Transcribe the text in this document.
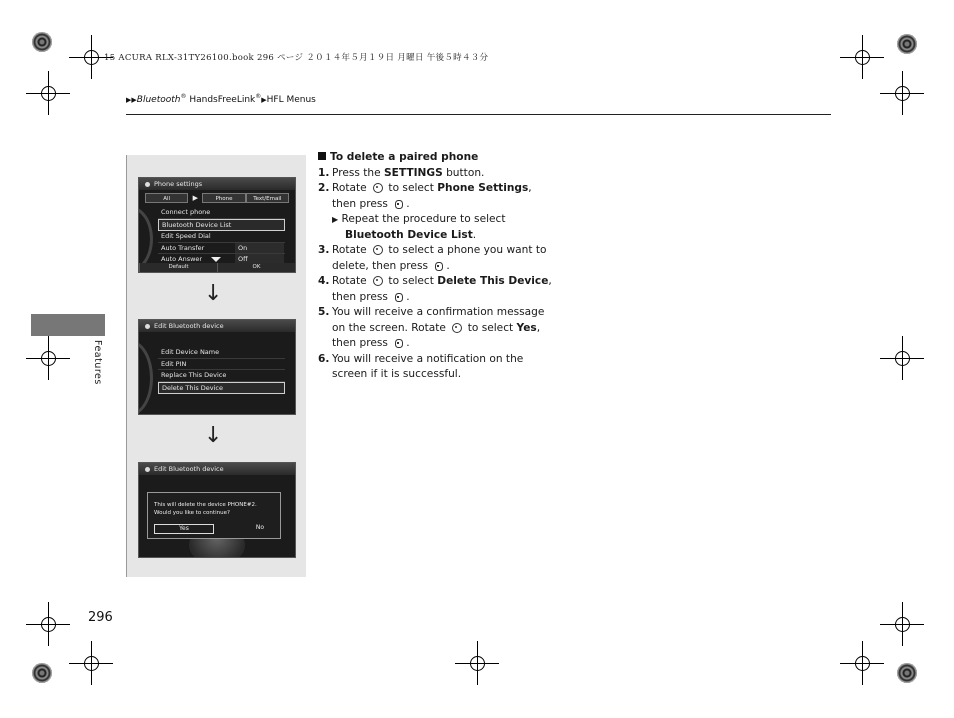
15 ACURA RLX-31TY26100.book 296 ページ ２０１４年５月１９日 月曜日 午後５時４３分
▶▶Bluetooth® HandsFreeLink®▶HFL Menus
Features
Phone settings
All	▶	Phone	Text/Email
Connect phone
Bluetooth Device List
Edit Speed Dial
Auto Transfer	On
Auto Answer	Off
Default	OK
↓
Edit Bluetooth device
Edit Device Name
Edit PIN
Replace This Device
Delete This Device
↓
Edit Bluetooth device
This will delete the device PHONE#2.
Would you like to continue?
Yes	No
To delete a paired phone
1. Press the SETTINGS button.
2. Rotate  to select Phone Settings, then press .
▶ Repeat the procedure to select
Bluetooth Device List.
3. Rotate  to select a phone you want to delete, then press .
4. Rotate  to select Delete This Device, then press .
5. You will receive a confirmation message on the screen. Rotate  to select Yes, then press .
6. You will receive a notification on the screen if it is successful.
296
